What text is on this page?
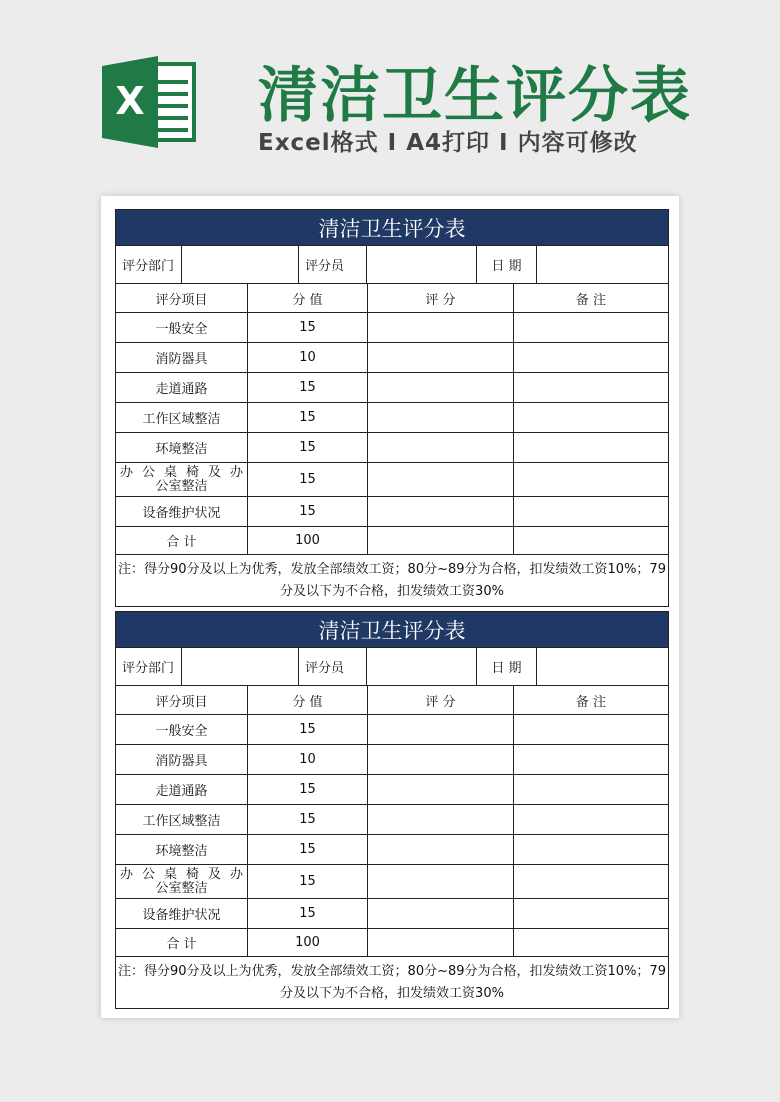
X 清洁卫生评分表
Excel格式 I A4打印 I 内容可修改
清洁卫生评分表
评分部门		评分员		日 期	
评分项目	分 值	评 分	备 注
一般安全	15		
消防器具	10		
走道通路	15		
工作区域整洁	15		
环境整洁	15		

办公桌椅及办
公室整洁	15		
设备维护状况	15		
合 计	100		
注：得分90分及以上为优秀，发放全部绩效工资；80分~89分为合格，扣发绩效工资10%；79分及以下为不合格，扣发绩效工资30%			
清洁卫生评分表
评分部门		评分员		日 期	
评分项目	分 值	评 分	备 注
一般安全	15		
消防器具	10		
走道通路	15		
工作区域整洁	15		
环境整洁	15		

办公桌椅及办
公室整洁	15		
设备维护状况	15		
合 计	100		
注：得分90分及以上为优秀，发放全部绩效工资；80分~89分为合格，扣发绩效工资10%；79分及以下为不合格，扣发绩效工资30%			
